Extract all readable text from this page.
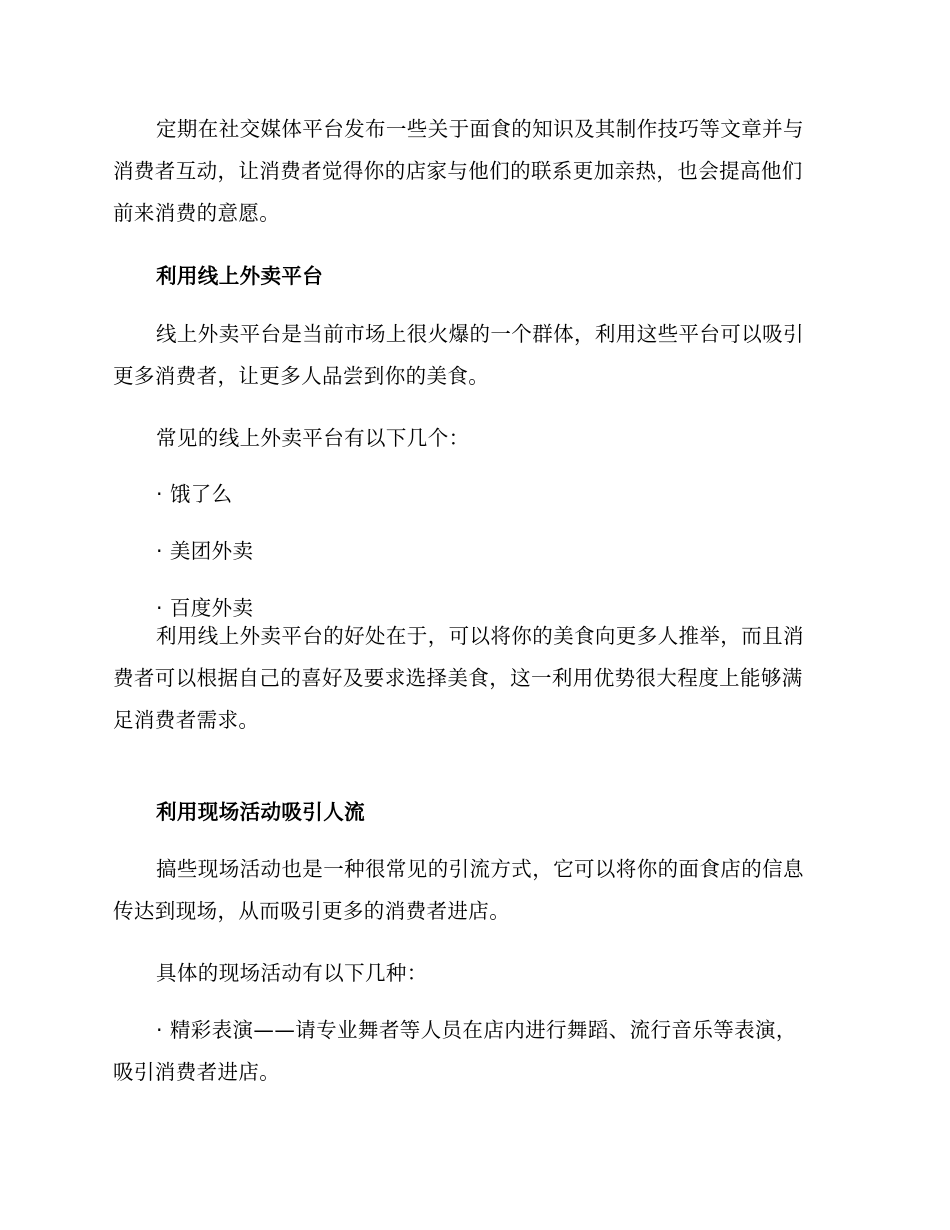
定期在社交媒体平台发布一些关于面食的知识及其制作技巧等文章并与
消费者互动，让消费者觉得你的店家与他们的联系更加亲热，也会提高他们
前来消费的意愿。
利用线上外卖平台
线上外卖平台是当前市场上很火爆的一个群体，利用这些平台可以吸引
更多消费者，让更多人品尝到你的美食。
常见的线上外卖平台有以下几个：
· 饿了么
· 美团外卖
· 百度外卖
利用线上外卖平台的好处在于，可以将你的美食向更多人推举，而且消
费者可以根据自己的喜好及要求选择美食，这一利用优势很大程度上能够满
足消费者需求。
利用现场活动吸引人流
搞些现场活动也是一种很常见的引流方式，它可以将你的面食店的信息
传达到现场，从而吸引更多的消费者进店。
具体的现场活动有以下几种：
· 精彩表演——请专业舞者等人员在店内进行舞蹈、流行音乐等表演，
吸引消费者进店。
